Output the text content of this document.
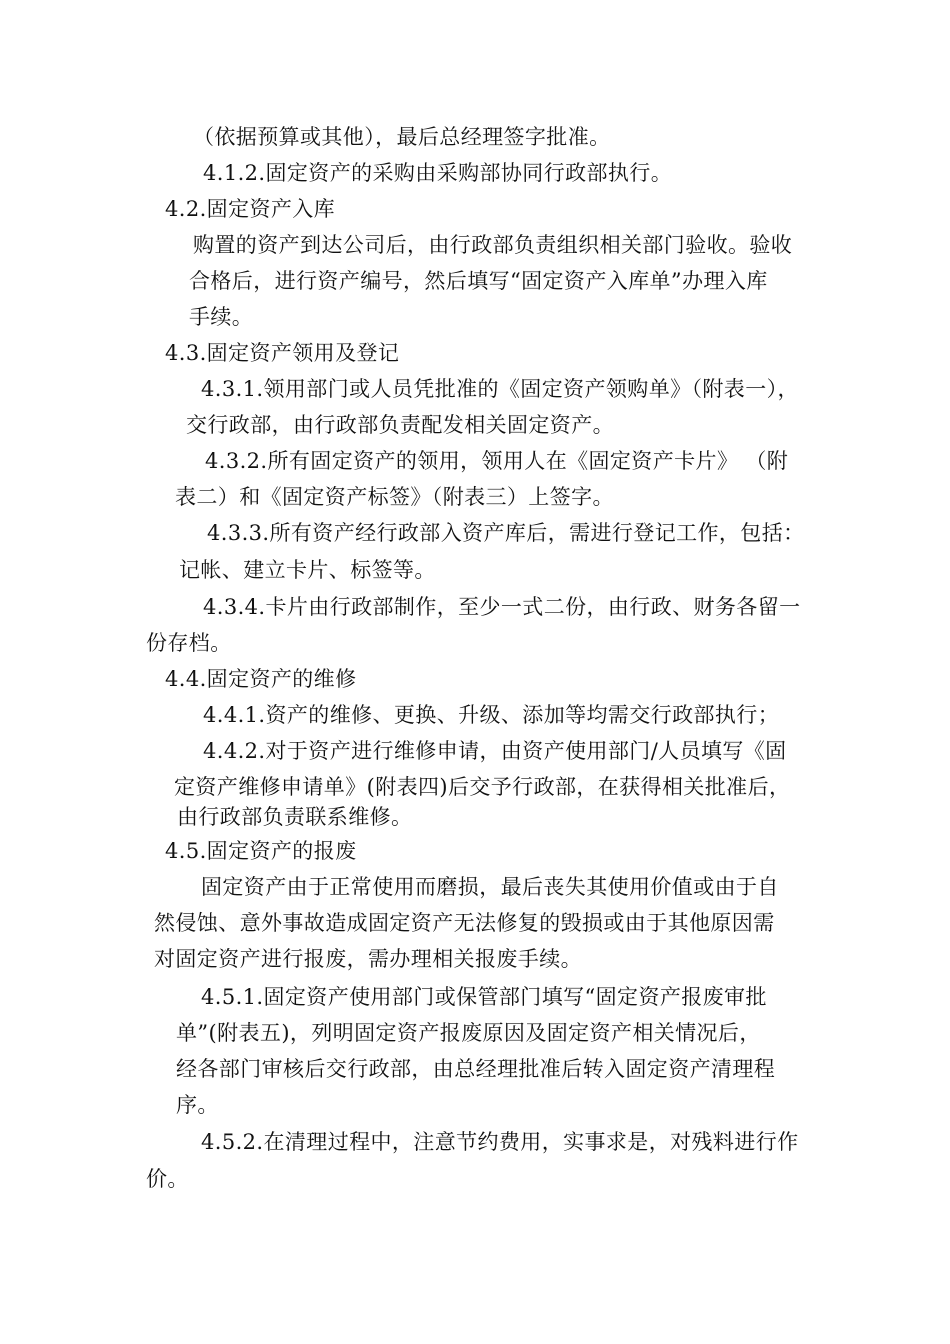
（依据预算或其他），最后总经理签字批准。
4.1.2.固定资产的采购由采购部协同行政部执行。
4.2.固定资产入库
购置的资产到达公司后，由行政部负责组织相关部门验收。验收
合格后，进行资产编号，然后填写“固定资产入库单”办理入库
手续。
4.3.固定资产领用及登记
4.3.1.领用部门或人员凭批准的《固定资产领购单》（附表一），
交行政部，由行政部负责配发相关固定资产。
4.3.2.所有固定资产的领用，领用人在《固定资产卡片》 （附
表二）和《固定资产标签》（附表三）上签字。
4.3.3.所有资产经行政部入资产库后，需进行登记工作，包括：
记帐、建立卡片、标签等。
4.3.4.卡片由行政部制作，至少一式二份，由行政、财务各留一
份存档。
4.4.固定资产的维修
4.4.1.资产的维修、更换、升级、添加等均需交行政部执行；
4.4.2.对于资产进行维修申请，由资产使用部门/人员填写《固
定资产维修申请单》(附表四)后交予行政部，在获得相关批准后，
由行政部负责联系维修。
4.5.固定资产的报废
固定资产由于正常使用而磨损，最后丧失其使用价值或由于自
然侵蚀、意外事故造成固定资产无法修复的毁损或由于其他原因需
对固定资产进行报废，需办理相关报废手续。
4.5.1.固定资产使用部门或保管部门填写“固定资产报废审批
单”(附表五)，列明固定资产报废原因及固定资产相关情况后，
经各部门审核后交行政部，由总经理批准后转入固定资产清理程
序。
4.5.2.在清理过程中，注意节约费用，实事求是，对残料进行作
价。
